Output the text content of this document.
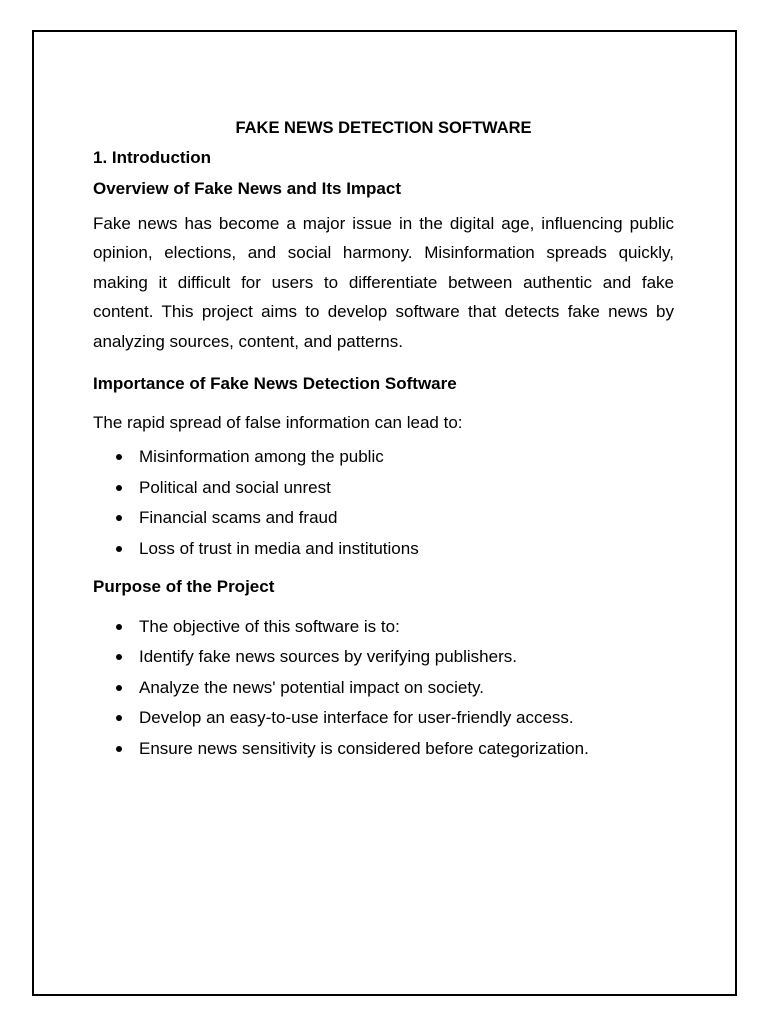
FAKE NEWS DETECTION SOFTWARE
1. Introduction
Overview of Fake News and Its Impact

Fake news has become a major issue in the digital age, influencing public opinion, elections, and social harmony. Misinformation spreads quickly, making it difficult for users to differentiate between authentic and fake content. This project aims to develop software that detects fake news by analyzing sources, content, and patterns.

Importance of Fake News Detection Software

The rapid spread of false information can lead to:

Misinformation among the public
Political and social unrest
Financial scams and fraud
Loss of trust in media and institutions
Purpose of the Project
The objective of this software is to:
Identify fake news sources by verifying publishers.
Analyze the news' potential impact on society.
Develop an easy-to-use interface for user-friendly access.
Ensure news sensitivity is considered before categorization.
